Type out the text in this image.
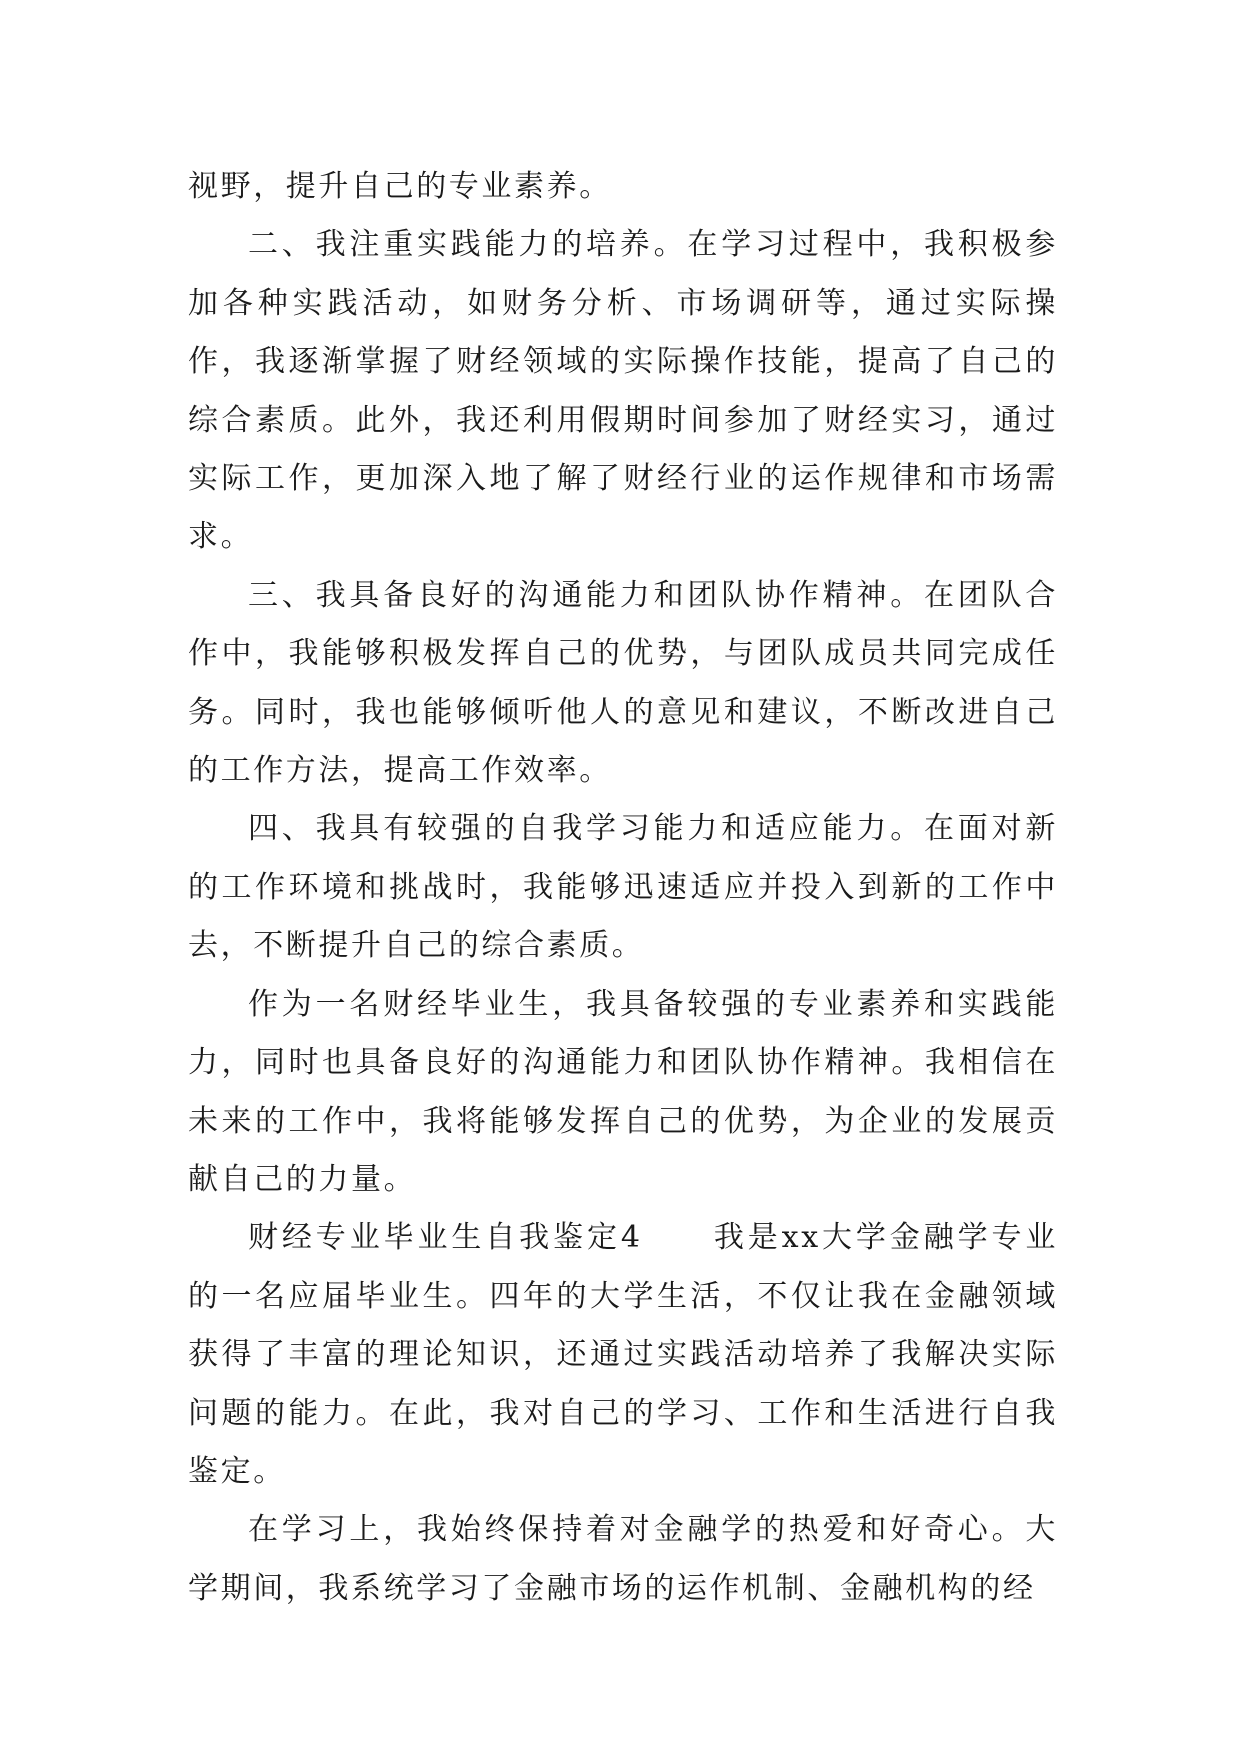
视野，提升自己的专业素养。

二、我注重实践能力的培养。在学习过程中，我积极参加各种实践活动，如财务分析、市场调研等，通过实际操作，我逐渐掌握了财经领域的实际操作技能，提高了自己的综合素质。此外，我还利用假期时间参加了财经实习，通过实际工作，更加深入地了解了财经行业的运作规律和市场需求。

三、我具备良好的沟通能力和团队协作精神。在团队合作中，我能够积极发挥自己的优势，与团队成员共同完成任务。同时，我也能够倾听他人的意见和建议，不断改进自己的工作方法，提高工作效率。

四、我具有较强的自我学习能力和适应能力。在面对新的工作环境和挑战时，我能够迅速适应并投入到新的工作中去，不断提升自己的综合素质。

作为一名财经毕业生，我具备较强的专业素养和实践能力，同时也具备良好的沟通能力和团队协作精神。我相信在未来的工作中，我将能够发挥自己的优势，为企业的发展贡献自己的力量。

财经专业毕业生自我鉴定4 我是xx大学金融学专业的一名应届毕业生。四年的大学生活，不仅让我在金融领域获得了丰富的理论知识，还通过实践活动培养了我解决实际问题的能力。在此，我对自己的学习、工作和生活进行自我鉴定。

在学习上，我始终保持着对金融学的热爱和好奇心。大学期间，我系统学习了金融市场的运作机制、金融机构的经
